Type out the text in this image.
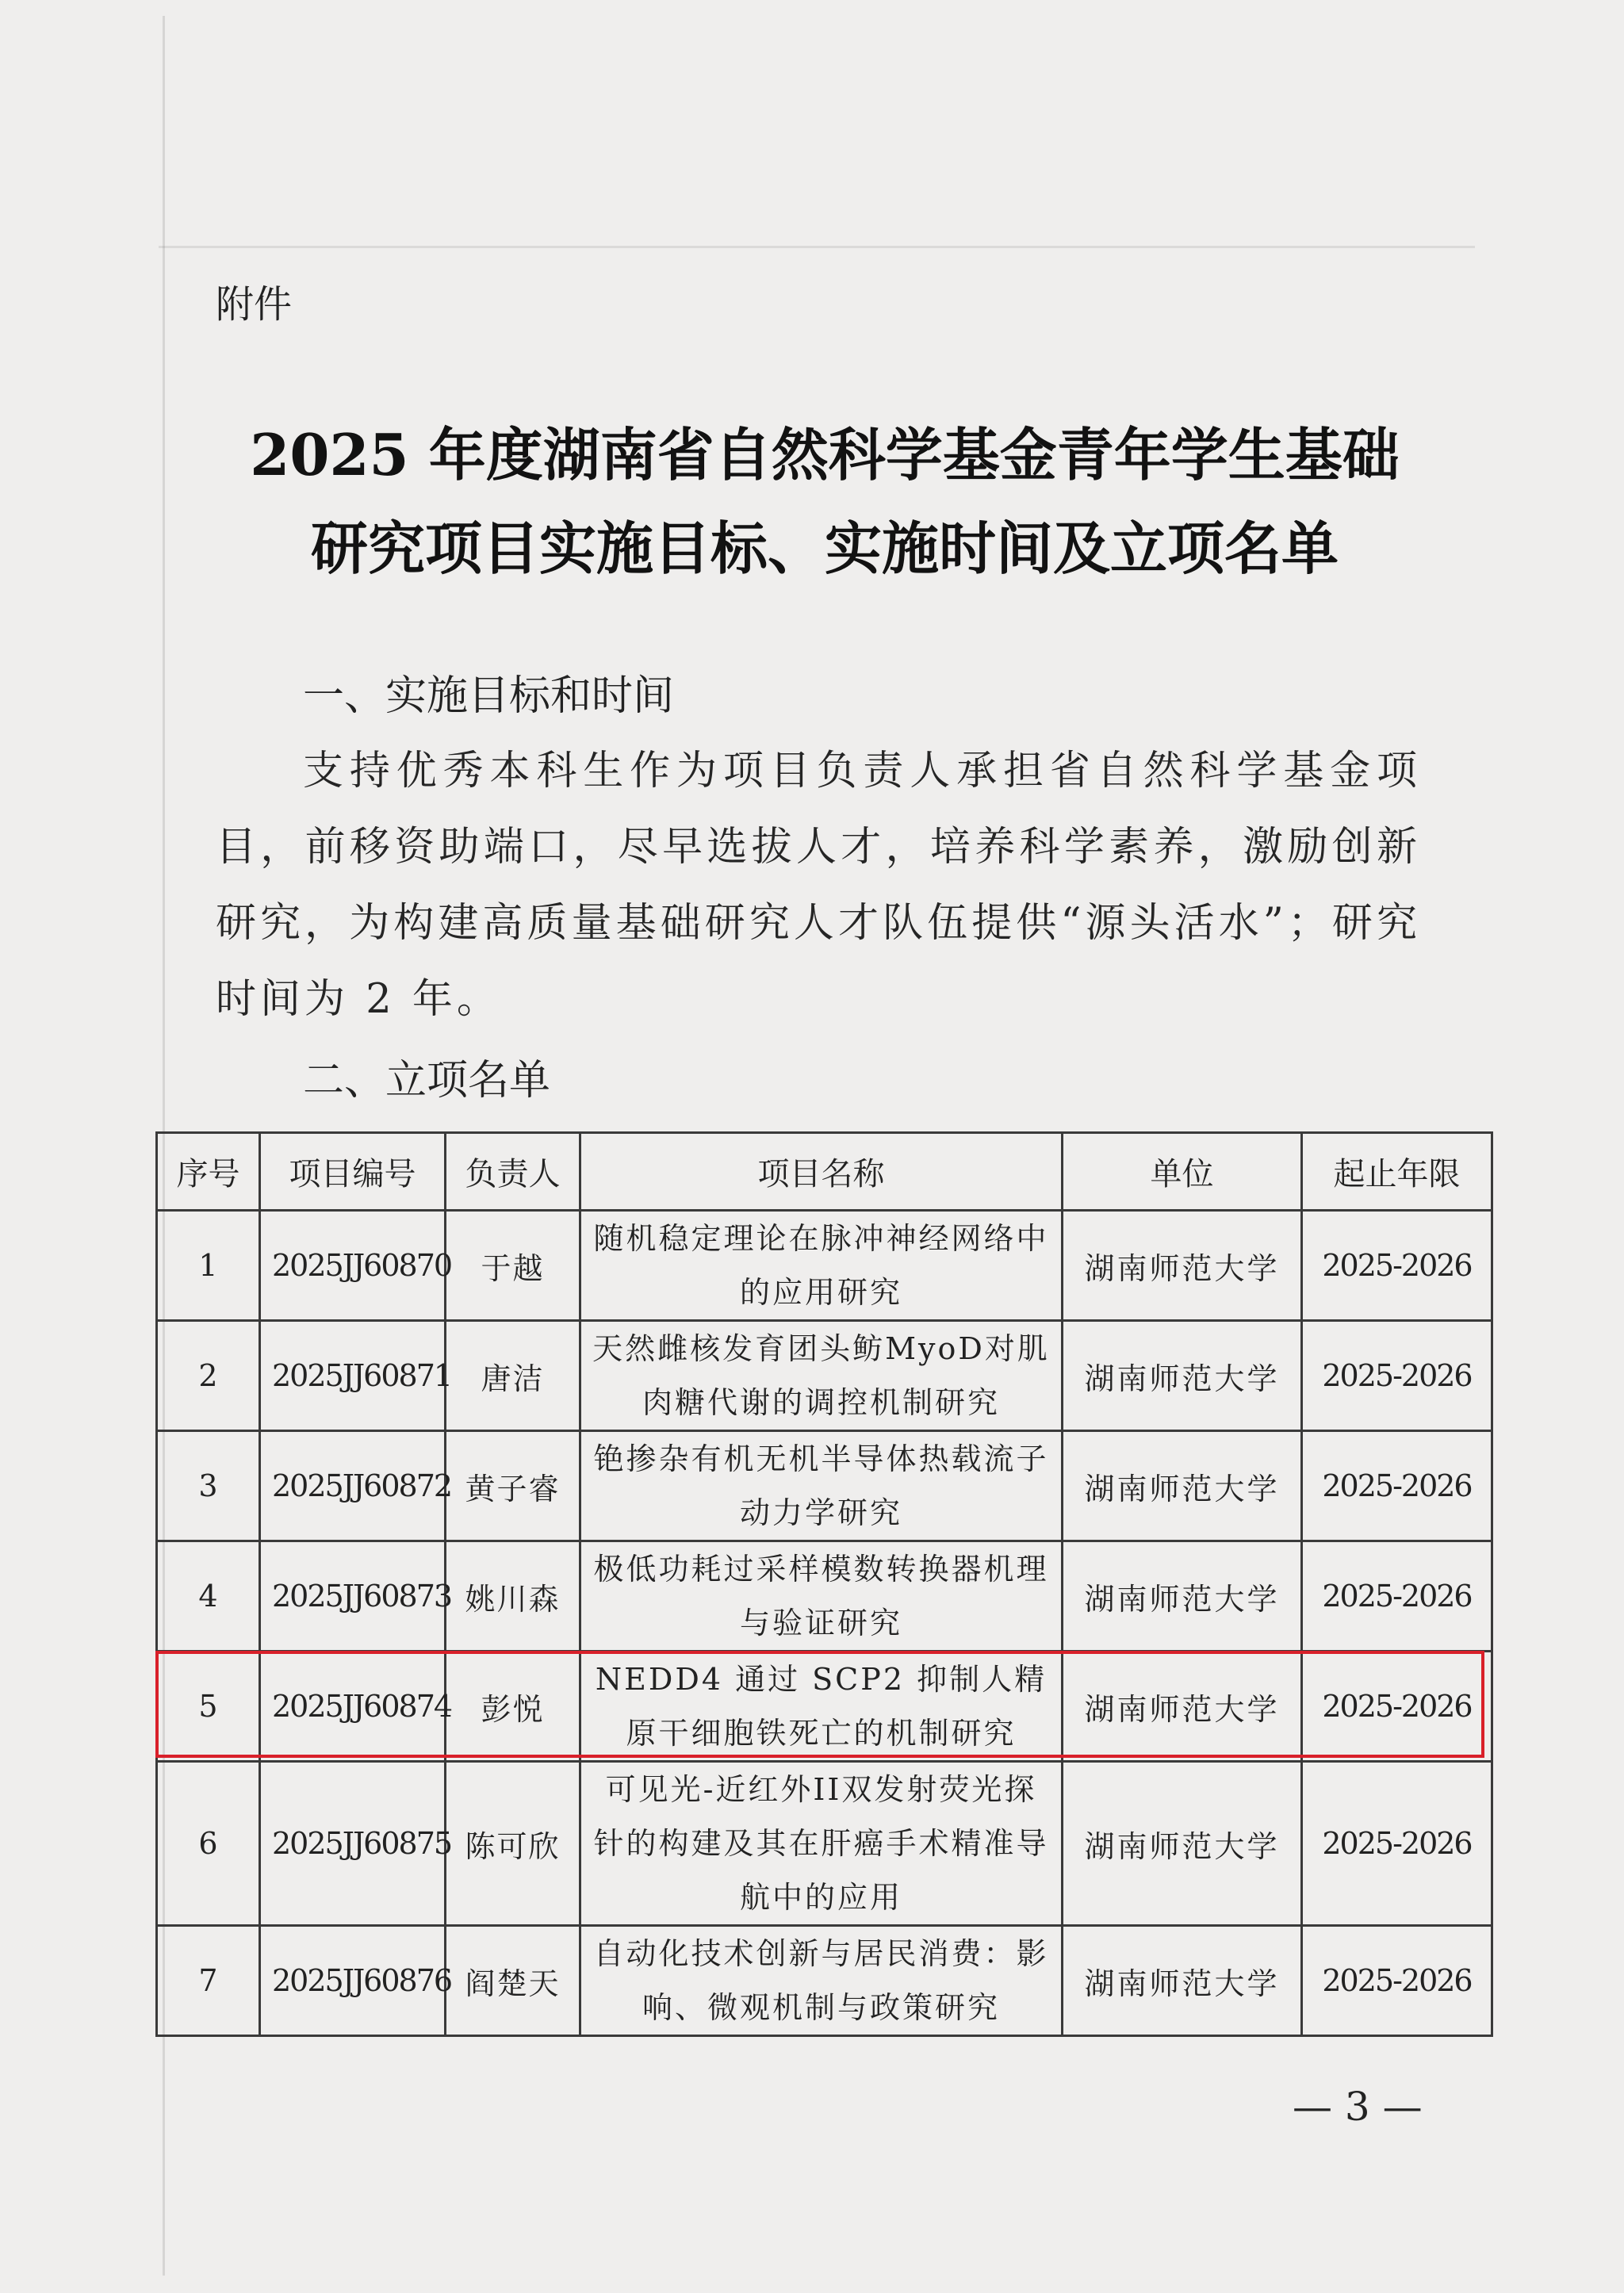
附件
2025 年度湖南省自然科学基金青年学生基础
研究项目实施目标、实施时间及立项名单
一、实施目标和时间
支持优秀本科生作为项目负责人承担省自然科学基金项目，前移资助端口，尽早选拔人才，培养科学素养，激励创新研究，为构建高质量基础研究人才队伍提供“源头活水”；研究时间为 2 年。
二、立项名单
序号	项目编号	负责人	项目名称	单位	起止年限
1	2025JJ60870	于越	随机稳定理论在脉冲神经网络中的应用研究	湖南师范大学	2025-2026
2	2025JJ60871	唐洁	天然雌核发育团头鲂MyoD对肌肉糖代谢的调控机制研究	湖南师范大学	2025-2026
3	2025JJ60872	黄子睿	铯掺杂有机无机半导体热载流子动力学研究	湖南师范大学	2025-2026
4	2025JJ60873	姚川森	极低功耗过采样模数转换器机理与验证研究	湖南师范大学	2025-2026
5	2025JJ60874	彭悦	NEDD4 通过 SCP2 抑制人精原干细胞铁死亡的机制研究	湖南师范大学	2025-2026
6	2025JJ60875	陈可欣	可见光-近红外II双发射荧光探针的构建及其在肝癌手术精准导航中的应用	湖南师范大学	2025-2026
7	2025JJ60876	阎楚天	自动化技术创新与居民消费：影响、微观机制与政策研究	湖南师范大学	2025-2026
— 3 —
